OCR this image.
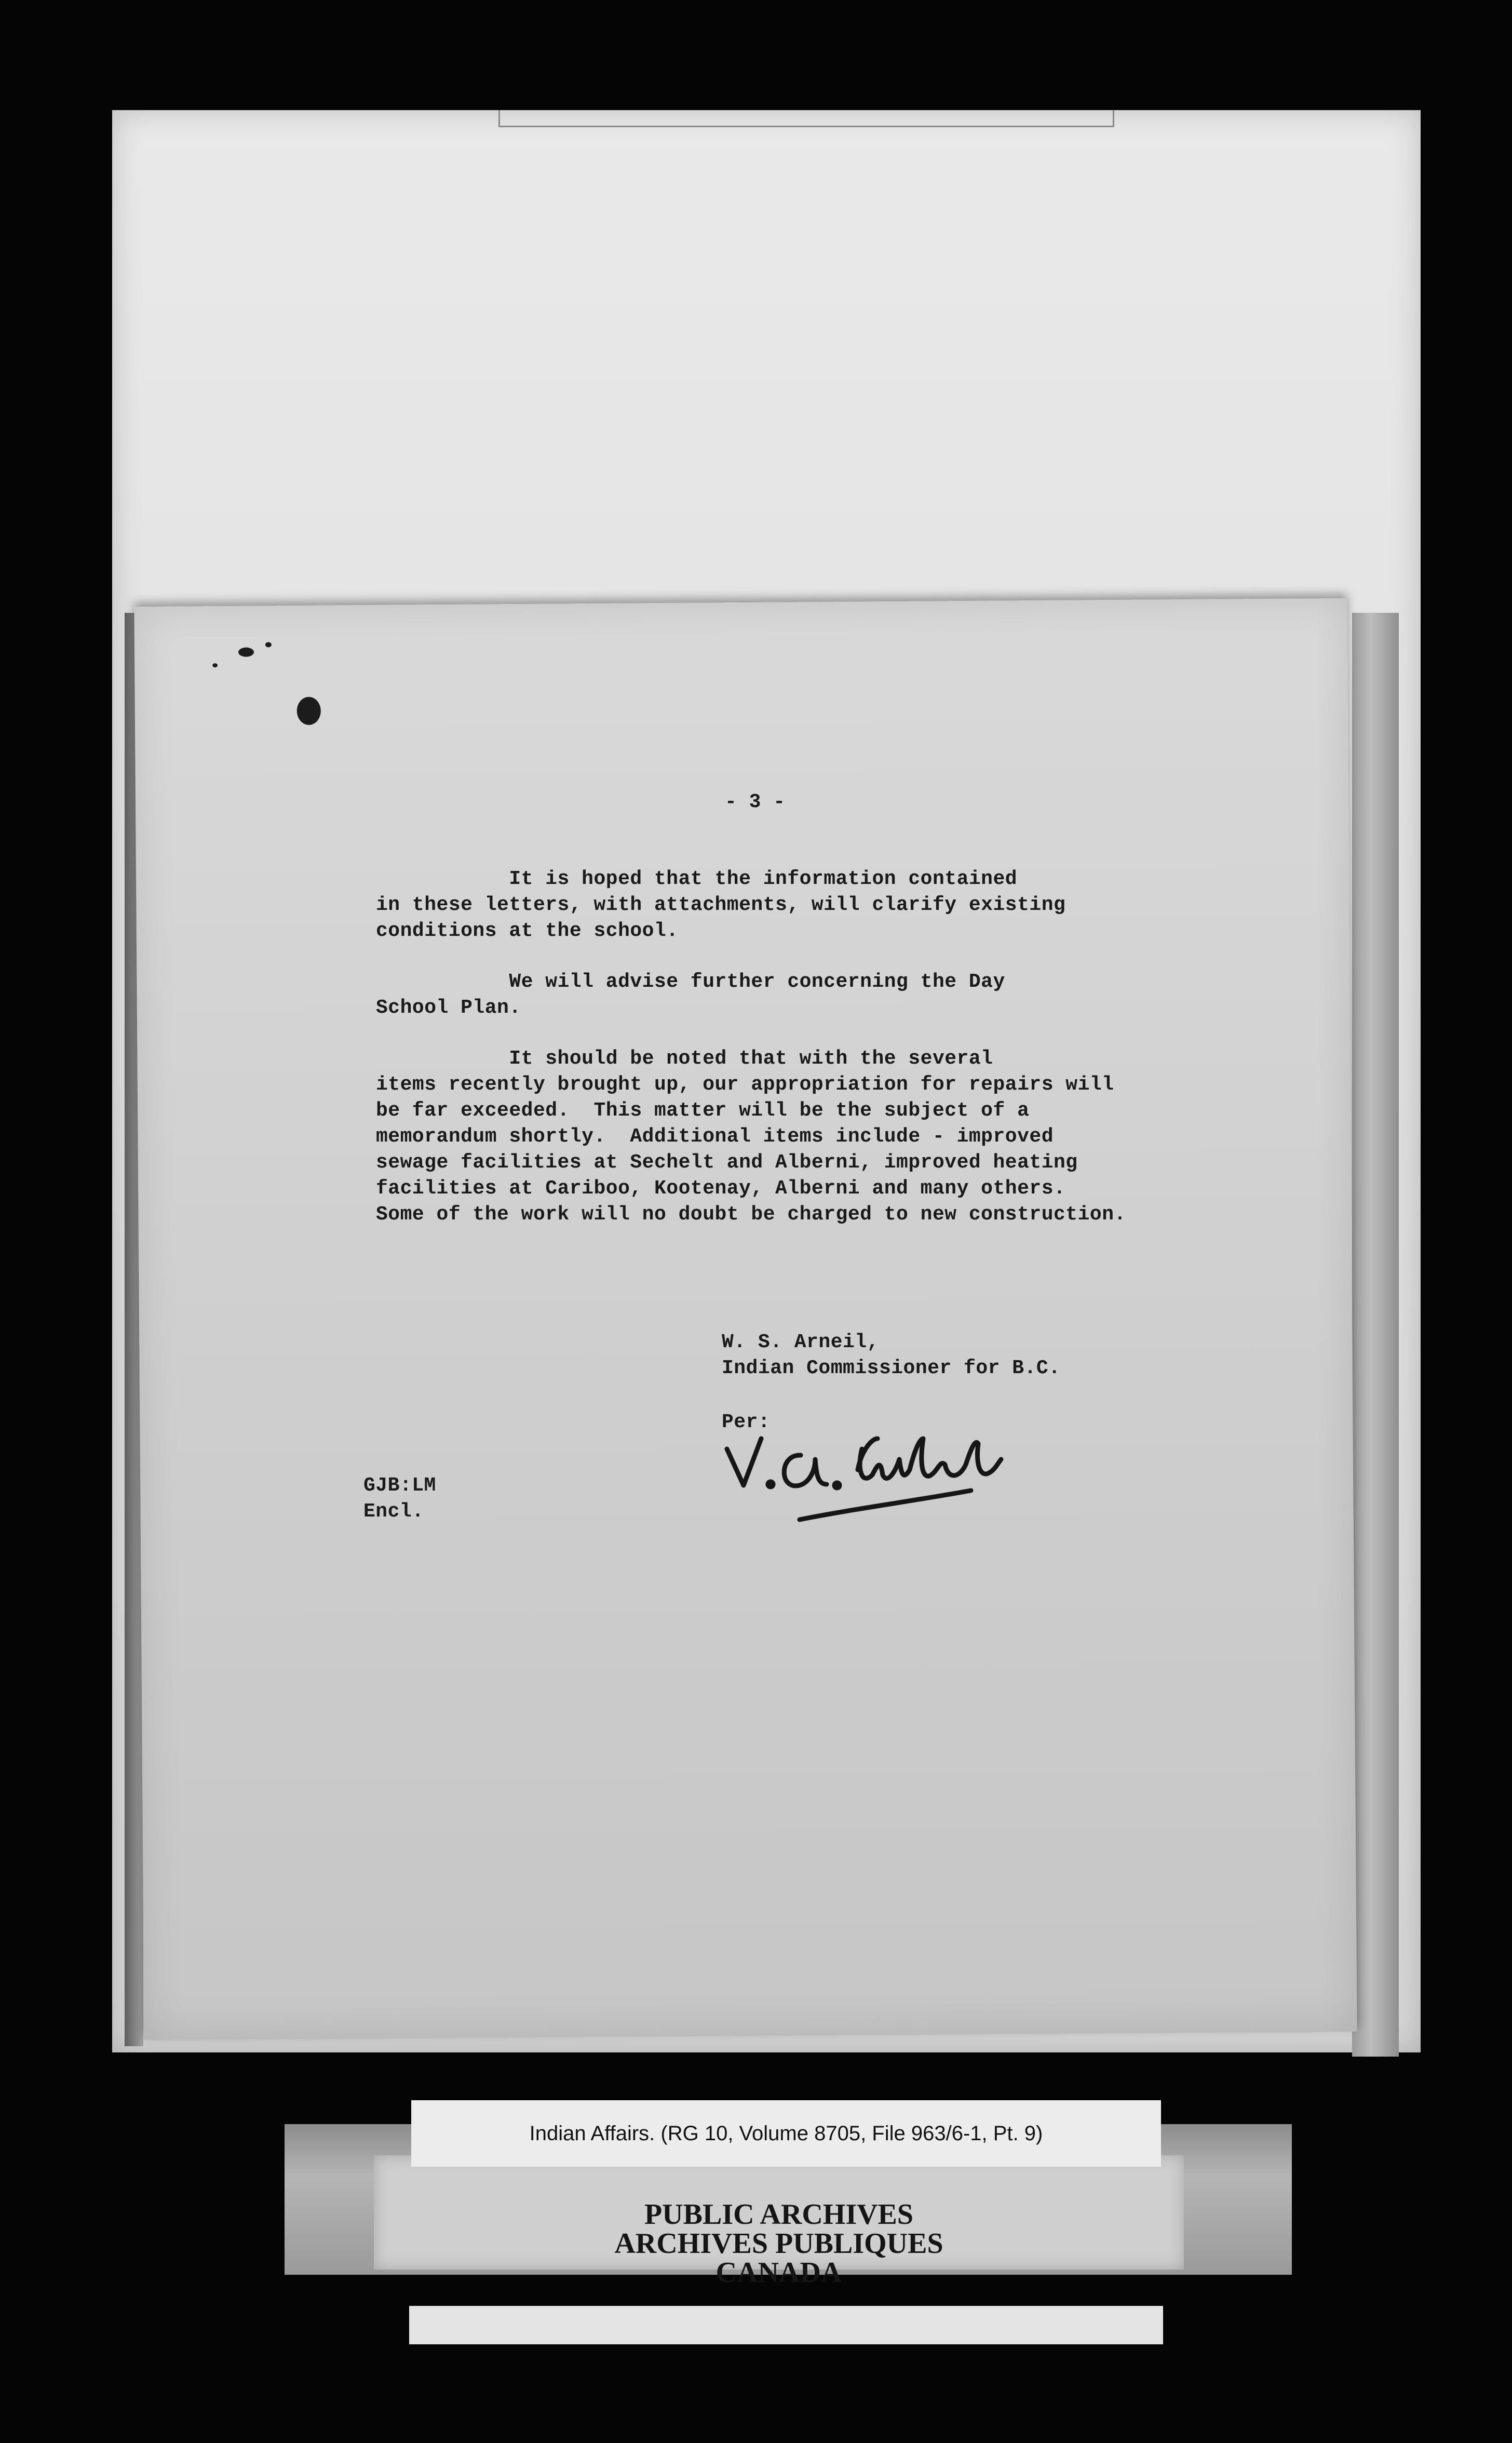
- 3 -
It is hoped that the information contained
in these letters, with attachments, will clarify existing
conditions at the school.
We will advise further concerning the Day
School Plan.
It should be noted that with the several
items recently brought up, our appropriation for repairs will
be far exceeded.  This matter will be the subject of a
memorandum shortly.  Additional items include - improved
sewage facilities at Sechelt and Alberni, improved heating
facilities at Cariboo, Kootenay, Alberni and many others.
Some of the work will no doubt be charged to new construction.
W. S. Arneil,
Indian Commissioner for B.C.
Per:
GJB:LM
Encl.
Indian Affairs. (RG 10, Volume 8705, File 963/6-1, Pt. 9)
PUBLIC ARCHIVES
ARCHIVES PUBLIQUES
CANADA
